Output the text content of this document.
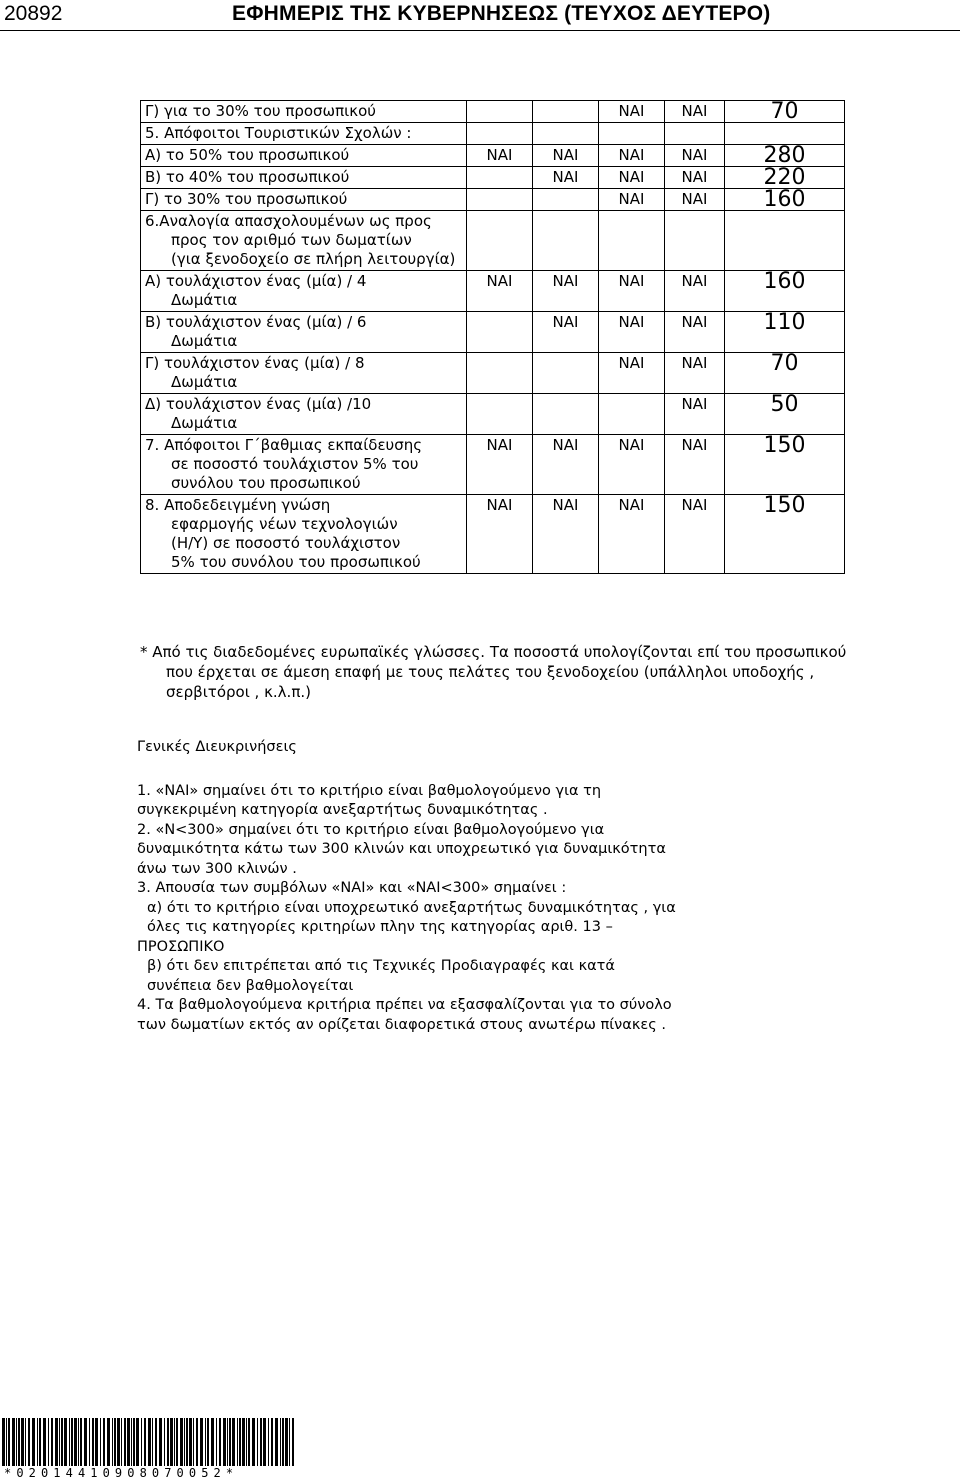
20892	ΕΦΗΜΕΡΙΣ ΤΗΣ ΚΥΒΕΡΝΗΣΕΩΣ (ΤΕΥΧΟΣ ΔΕΥΤΕΡΟ)
Γ) για το 30% του προσωπικού			ΝΑΙ	ΝΑΙ	70

5. Απόφοιτοι Τουριστικών Σχολών :					

Α) το 50% του προσωπικού	ΝΑΙ	ΝΑΙ	ΝΑΙ	ΝΑΙ	280

Β) το 40% του προσωπικού		ΝΑΙ	ΝΑΙ	ΝΑΙ	220

Γ) το 30% του προσωπικού			ΝΑΙ	ΝΑΙ	160

6.Αναλογία απασχολουμένων ως προς
προς τον αριθμό των δωματίων
(για ξενοδοχείο σε πλήρη λειτουργία)					

Α) τουλάχιστον ένας (μία) / 4
Δωμάτια	ΝΑΙ	ΝΑΙ	ΝΑΙ	ΝΑΙ	160

Β) τουλάχιστον ένας (μία) / 6
Δωμάτια		ΝΑΙ	ΝΑΙ	ΝΑΙ	110

Γ) τουλάχιστον ένας (μία) / 8
Δωμάτια			ΝΑΙ	ΝΑΙ	70

Δ) τουλάχιστον ένας (μία) /10
Δωμάτια				ΝΑΙ	50

7. Απόφοιτοι Γ΄βαθμιας εκπαίδευσης
σε ποσοστό τουλάχιστον 5% του
συνόλου του προσωπικού	ΝΑΙ	ΝΑΙ	ΝΑΙ	ΝΑΙ	150

8. Αποδεδειγμένη γνώση
εφαρμογής νέων τεχνολογιών
(Η/Υ) σε ποσοστό τουλάχιστον
5% του συνόλου του προσωπικού	ΝΑΙ	ΝΑΙ	ΝΑΙ	ΝΑΙ	150
* Από τις διαδεδομένες ευρωπαϊκές γλώσσες. Τα ποσοστά υπολογίζονται επί του προσωπικού

που έρχεται σε άμεση επαφή με τους πελάτες του ξενοδοχείου (υπάλληλοι υποδοχής ,
σερβιτόροι , κ.λ.π.)
Γενικές Διευκρινήσεις

1. «ΝΑΙ» σημαίνει ότι το κριτήριο είναι βαθμολογούμενο για τη

συγκεκριμένη κατηγορία ανεξαρτήτως δυναμικότητας .

2. «Ν<300» σημαίνει ότι το κριτήριο είναι βαθμολογούμενο για

δυναμικότητα κάτω των 300 κλινών και υποχρεωτικό για δυναμικότητα

άνω των 300 κλινών .

3. Απουσία των συμβόλων «ΝΑΙ» και «ΝΑΙ<300» σημαίνει :

α) ότι το κριτήριο είναι υποχρεωτικό ανεξαρτήτως δυναμικότητας , για

όλες τις κατηγορίες κριτηρίων πλην της κατηγορίας αριθ. 13 –

ΠΡΟΣΩΠΙΚΟ

β) ότι δεν επιτρέπεται από τις Τεχνικές Προδιαγραφές και κατά

συνέπεια δεν βαθμολογείται

4. Τα βαθμολογούμενα κριτήρια πρέπει να εξασφαλίζονται για το σύνολο

των δωματίων εκτός αν ορίζεται διαφορετικά στους ανωτέρω πίνακες .

*02014410908070052*
